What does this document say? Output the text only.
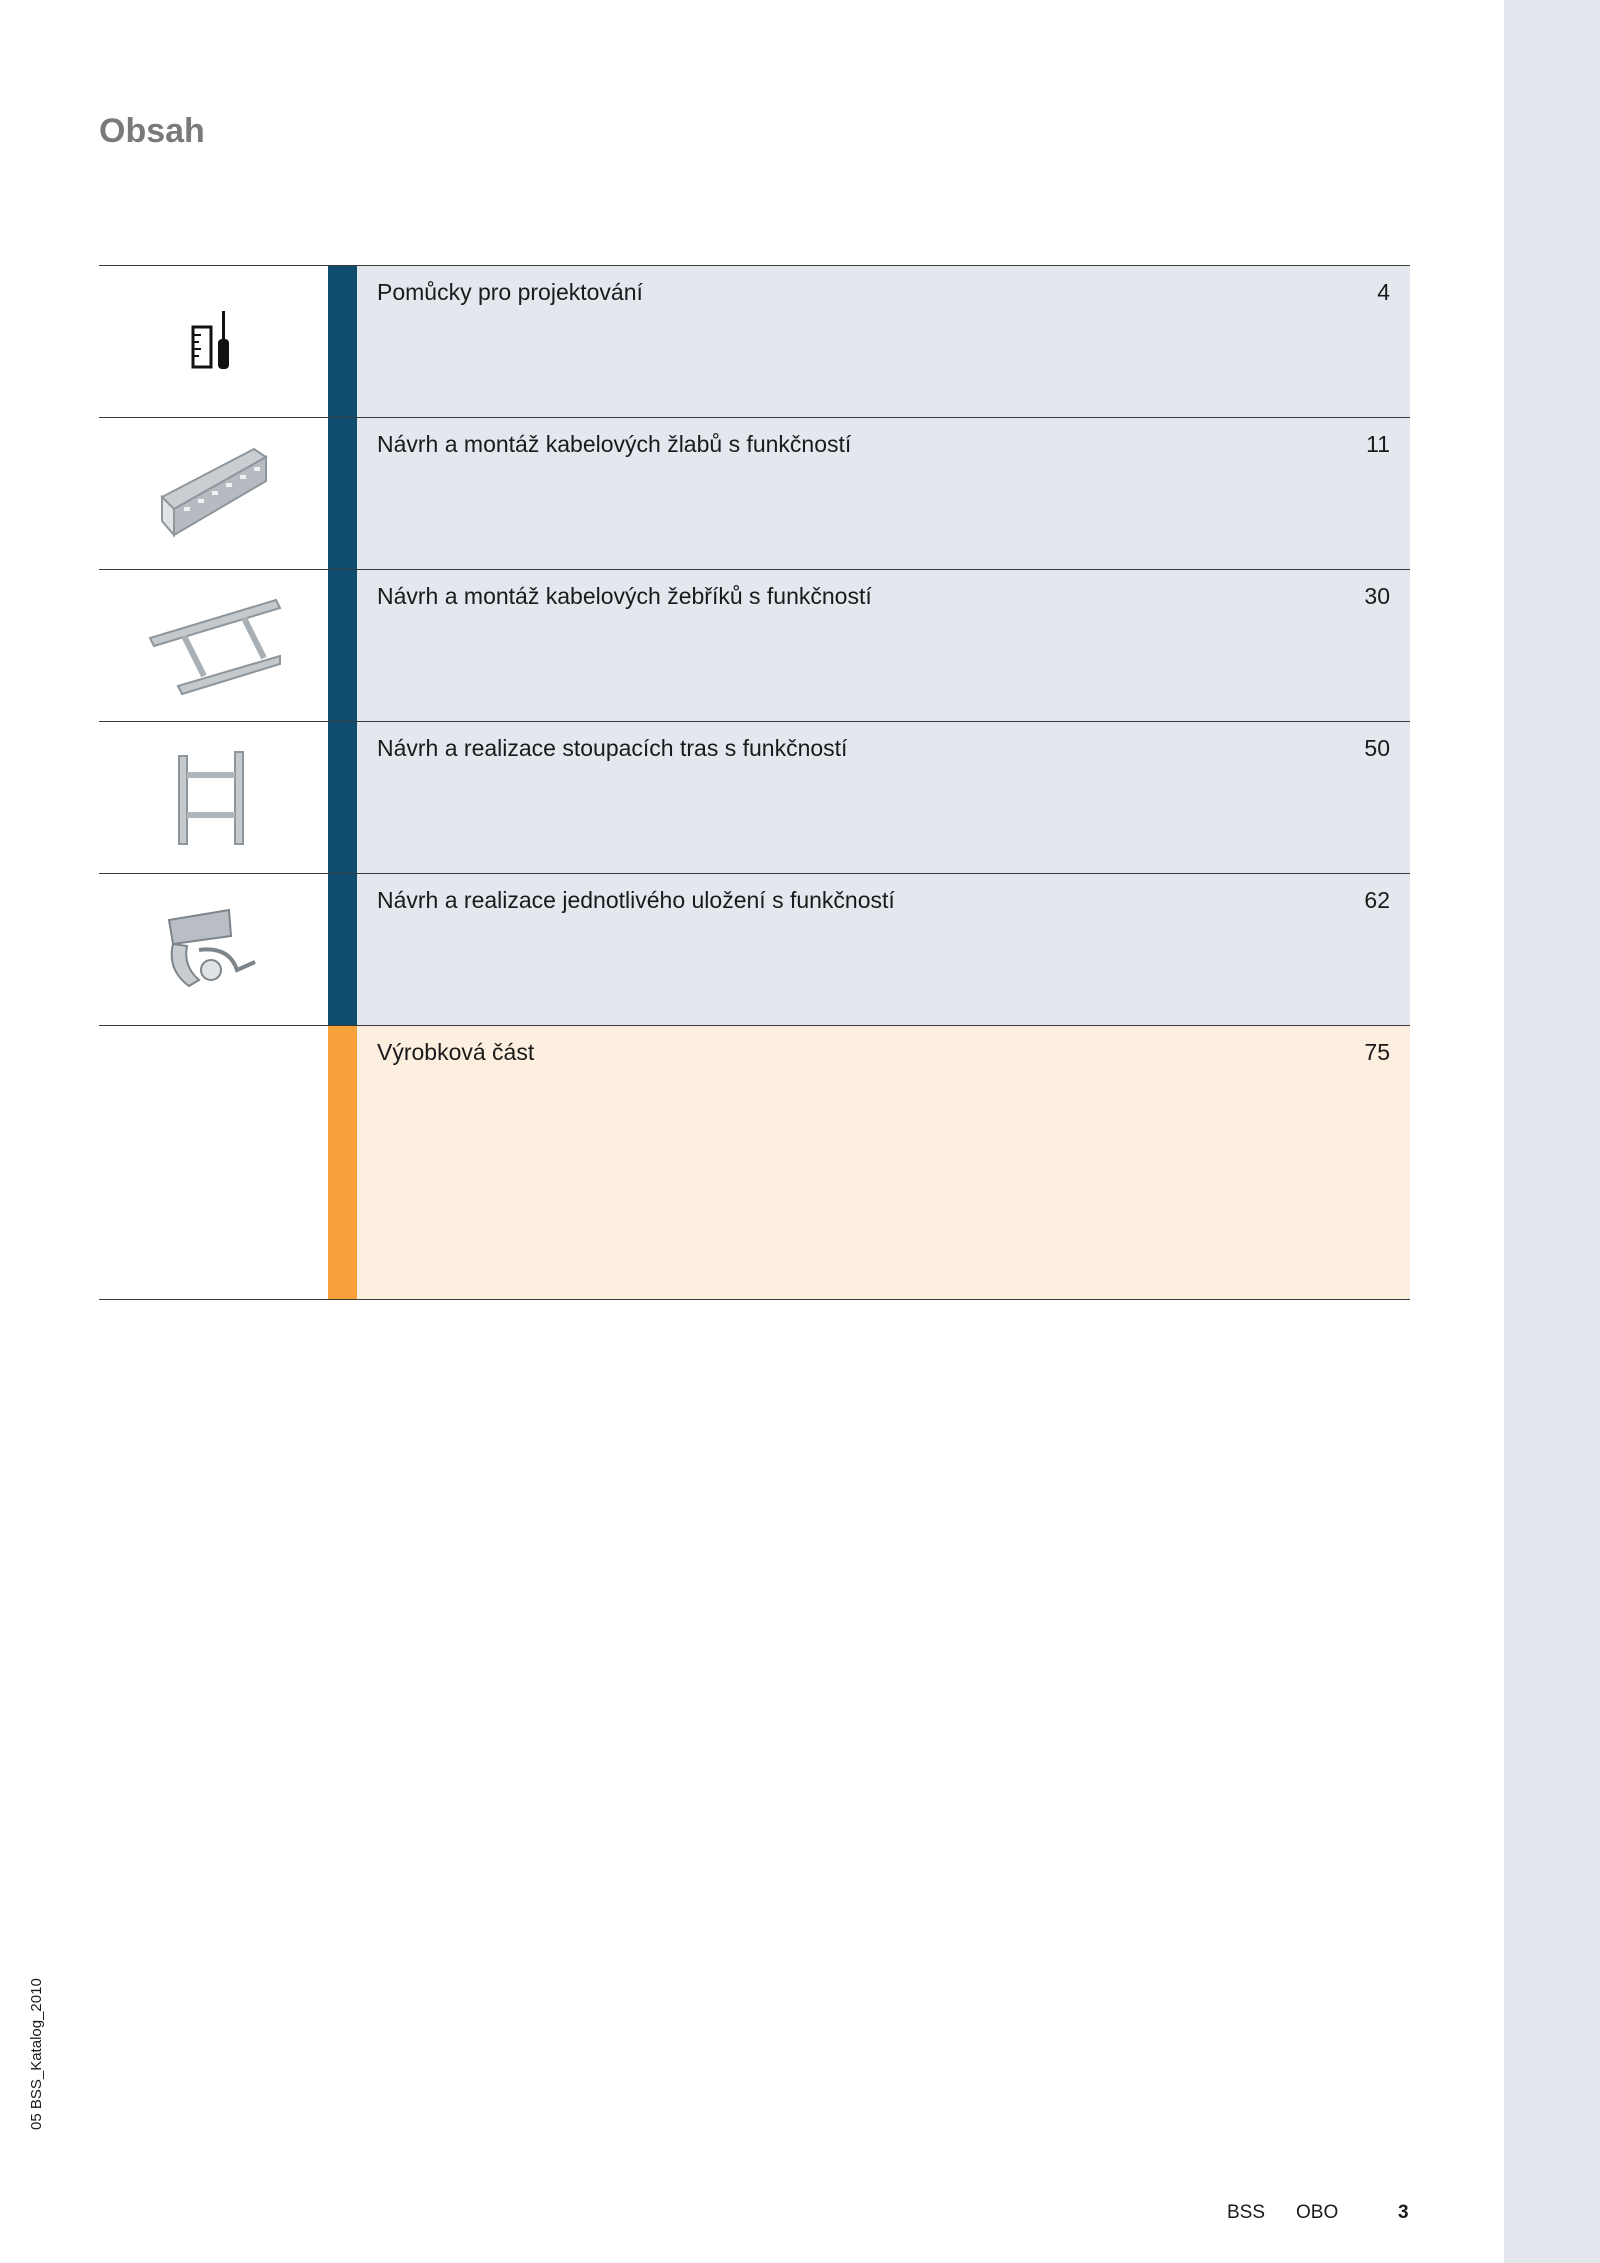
Obsah
Pomůcky pro projektování	4
Návrh a montáž kabelových žlabů s funkčností	11
Návrh a montáž kabelových žebříků s funkčností	30
Návrh a realizace stoupacích tras s funkčností	50
Návrh a realizace jednotlivého uložení s funkčností	62
Výrobková část	75
05 BSS_Katalog_2010
BSS OBO	3
